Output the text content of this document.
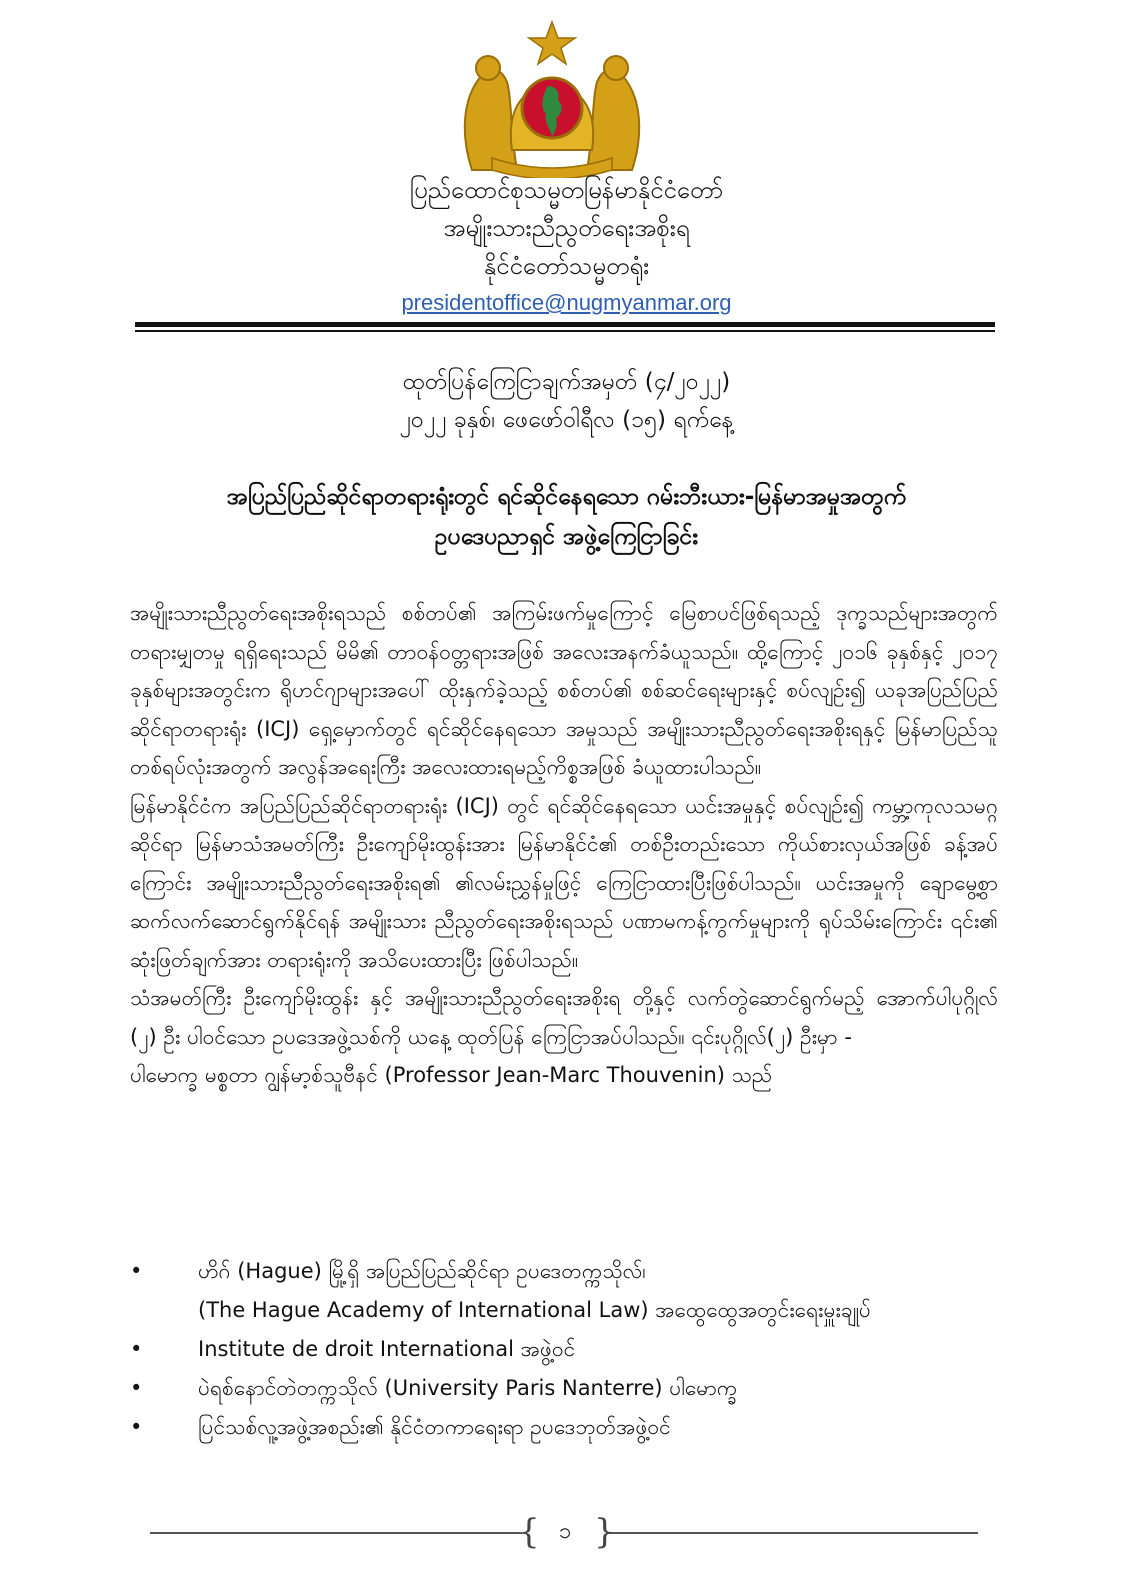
ပြည်ထောင်စုသမ္မတမြန်မာနိုင်ငံတော်
အမျိုးသားညီညွတ်ရေးအစိုးရ
နိုင်ငံတော်သမ္မတရုံး
presidentoffice@nugmyanmar.org
ထုတ်ပြန်ကြေငြာချက်အမှတ် (၄/၂၀၂၂)
၂၀၂၂ ခုနှစ်၊ ဖေဖော်ဝါရီလ (၁၅) ရက်နေ့
အပြည်ပြည်ဆိုင်ရာတရားရုံးတွင် ရင်ဆိုင်နေရသော ဂမ်းဘီးယား-မြန်မာအမှုအတွက်
ဥပဒေပညာရှင် အဖွဲ့ကြေငြာခြင်း

အမျိုးသားညီညွတ်ရေးအစိုးရသည် စစ်တပ်၏ အကြမ်းဖက်မှုကြောင့် မြေစာပင်ဖြစ်ရသည့် ဒုက္ခသည်များအတွက် တရားမျှတမှု ရရှိရေးသည် မိမိ၏ တာဝန်ဝတ္တရားအဖြစ် အလေးအနက်ခံယူသည်။ ထို့ကြောင့် ၂၀၁၆ ခုနှစ်နှင့် ၂၀၁၇ ခုနှစ်များအတွင်းက ရိုဟင်ဂျာများအပေါ် ထိုးနှက်ခဲ့သည့် စစ်တပ်၏ စစ်ဆင်ရေးများနှင့် စပ်လျဉ်း၍ ယခုအပြည်ပြည်ဆိုင်ရာတရားရုံး (ICJ) ရှေ့မှောက်တွင် ရင်ဆိုင်နေရသော အမှုသည် အမျိုးသားညီညွတ်ရေးအစိုးရနှင့် မြန်မာပြည်သူ တစ်ရပ်လုံးအတွက် အလွန်အရေးကြီး အလေးထားရမည့်ကိစ္စအဖြစ် ခံယူထားပါသည်။

မြန်မာနိုင်ငံက အပြည်ပြည်ဆိုင်ရာတရားရုံး (ICJ) တွင် ရင်ဆိုင်နေရသော ယင်းအမှုနှင့် စပ်လျဉ်း၍ ကမ္ဘာ့ကုလသမဂ္ဂဆိုင်ရာ မြန်မာသံအမတ်ကြီး ဦးကျော်မိုးထွန်းအား မြန်မာနိုင်ငံ၏ တစ်ဦးတည်းသော ကိုယ်စားလှယ်အဖြစ် ခန့်အပ်ကြောင်း အမျိုးသားညီညွတ်ရေးအစိုးရ၏ ၏လမ်းညွှန်မှုဖြင့် ကြေငြာထားပြီးဖြစ်ပါသည်။ ယင်းအမှုကို ချောမွေ့စွာ ဆက်လက်ဆောင်ရွက်နိုင်ရန် အမျိုးသား ညီညွတ်ရေးအစိုးရသည် ပဏာမကန့်ကွက်မှုများကို ရုပ်သိမ်းကြောင်း ၎င်း၏ ဆုံးဖြတ်ချက်အား တရားရုံးကို အသိပေးထားပြီး ဖြစ်ပါသည်။

သံအမတ်ကြီး ဦးကျော်မိုးထွန်း နှင့် အမျိုးသားညီညွတ်ရေးအစိုးရ တို့နှင့် လက်တွဲဆောင်ရွက်မည့် အောက်ပါပုဂ္ဂိုလ် (၂) ဦး ပါဝင်သော ဥပဒေအဖွဲ့သစ်ကို ယနေ့ ထုတ်ပြန် ကြေငြာအပ်ပါသည်။ ၎င်းပုဂ္ဂိုလ်(၂) ဦးမှာ -

ပါမောက္ခ မစ္စတာ ဂျွန်မာ့စ်သူဗီနင် (Professor Jean-Marc Thouvenin) သည်

•	ဟိဂ် (Hague) မြို့ရှိ အပြည်ပြည်ဆိုင်ရာ ဥပဒေတက္ကသိုလ်၊
(The Hague Academy of International Law) အထွေထွေအတွင်းရေးမှူးချုပ်
•	Institute de droit International အဖွဲ့ဝင်
•	ပဲရစ်နောင်တဲတက္ကသိုလ် (University Paris Nanterre) ပါမောက္ခ
•	ပြင်သစ်လူ့အဖွဲ့အစည်း၏ နိုင်ငံတကာရေးရာ ဥပဒေဘုတ်အဖွဲ့ဝင်
{ ၁ }
